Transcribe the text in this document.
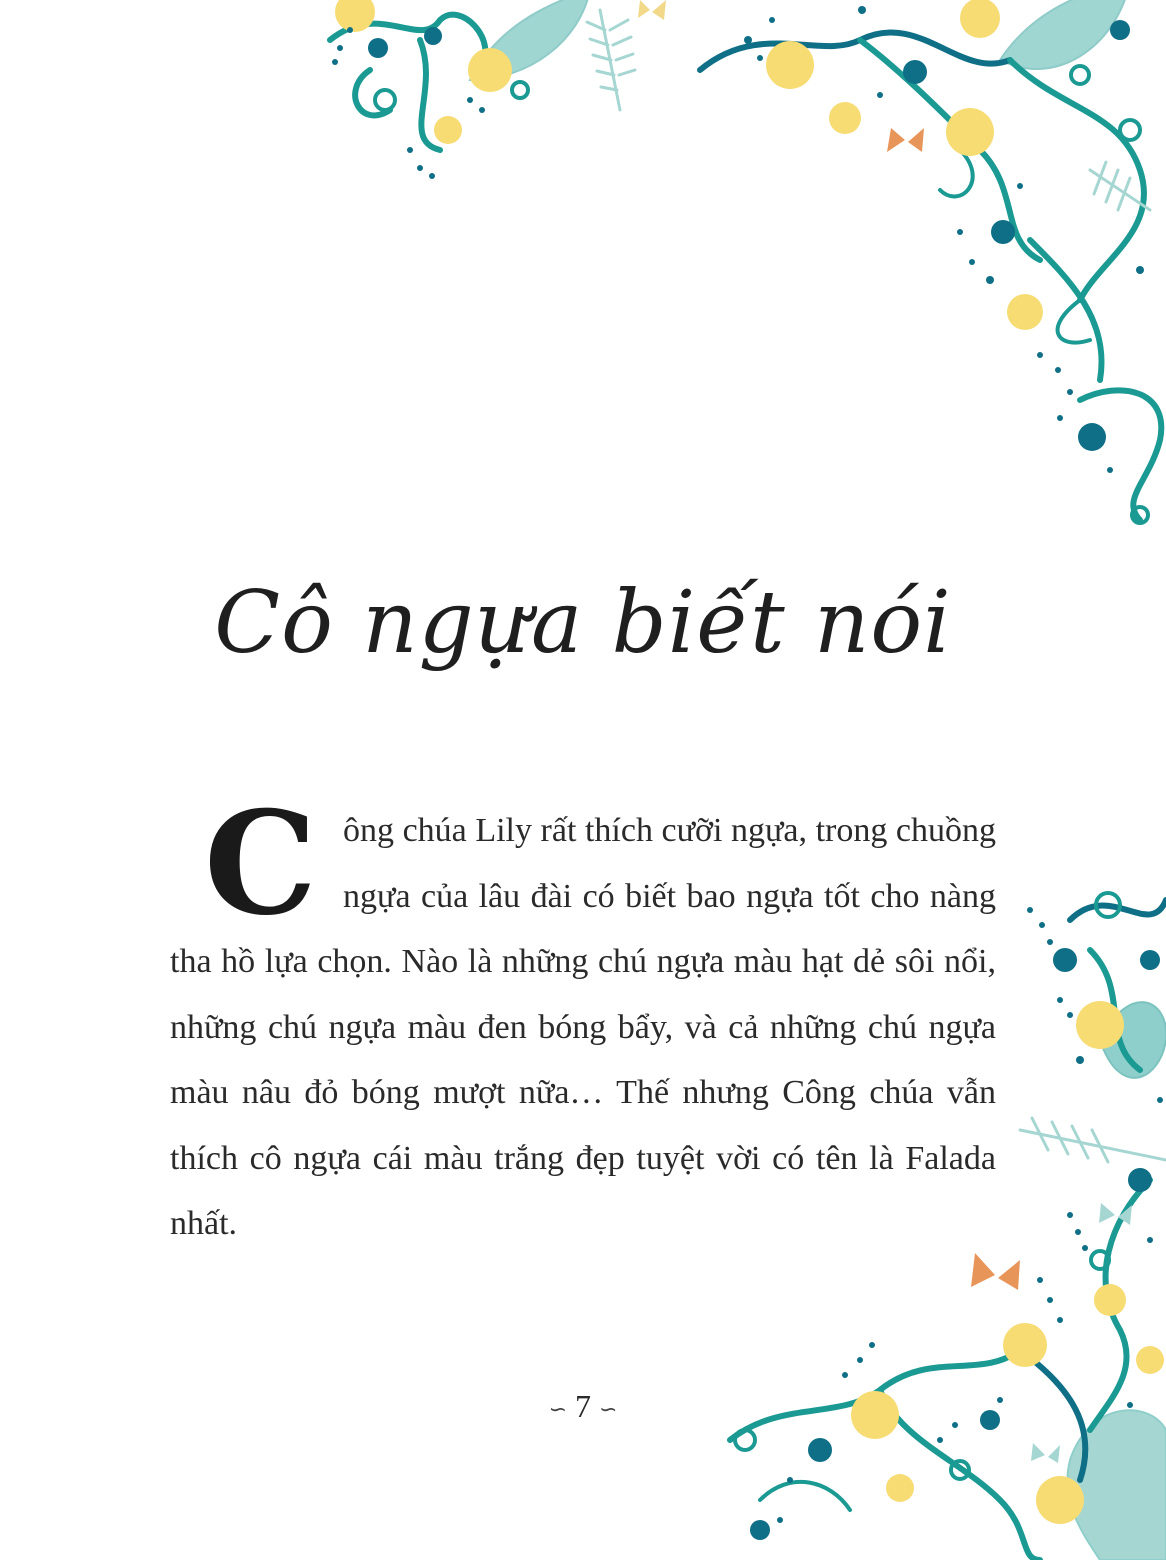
Cô ngựa biết nói
Công chúa Lily rất thích cưỡi ngựa, trong chuồng ngựa của lâu đài có biết bao ngựa tốt cho nàng tha hồ lựa chọn. Nào là những chú ngựa màu hạt dẻ sôi nổi, những chú ngựa màu đen bóng bẩy, và cả những chú ngựa màu nâu đỏ bóng mượt nữa… Thế nhưng Công chúa vẫn thích cô ngựa cái màu trắng đẹp tuyệt vời có tên là Falada nhất.
∽ 7 ∽
